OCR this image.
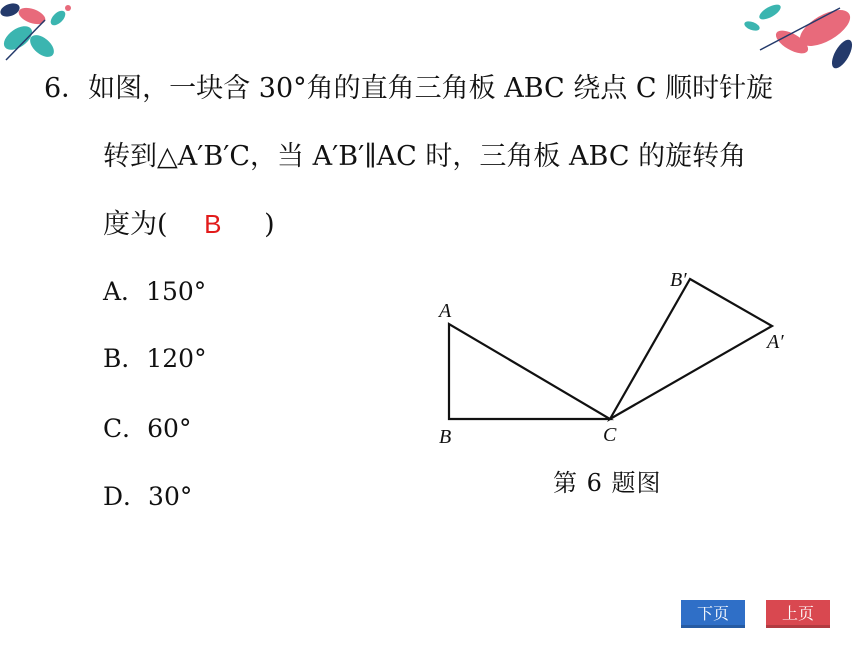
6．如图，一块含 30°角的直角三角板 ABC 绕点 C 顺时针旋
转到△A′B′C，当 A′B′∥AC 时，三角板 ABC 的旋转角
度为( B )
A．150°
B．120°
C．60°
D．30°
A
B	C
A′
B′
第 6 题图
下页	上页
